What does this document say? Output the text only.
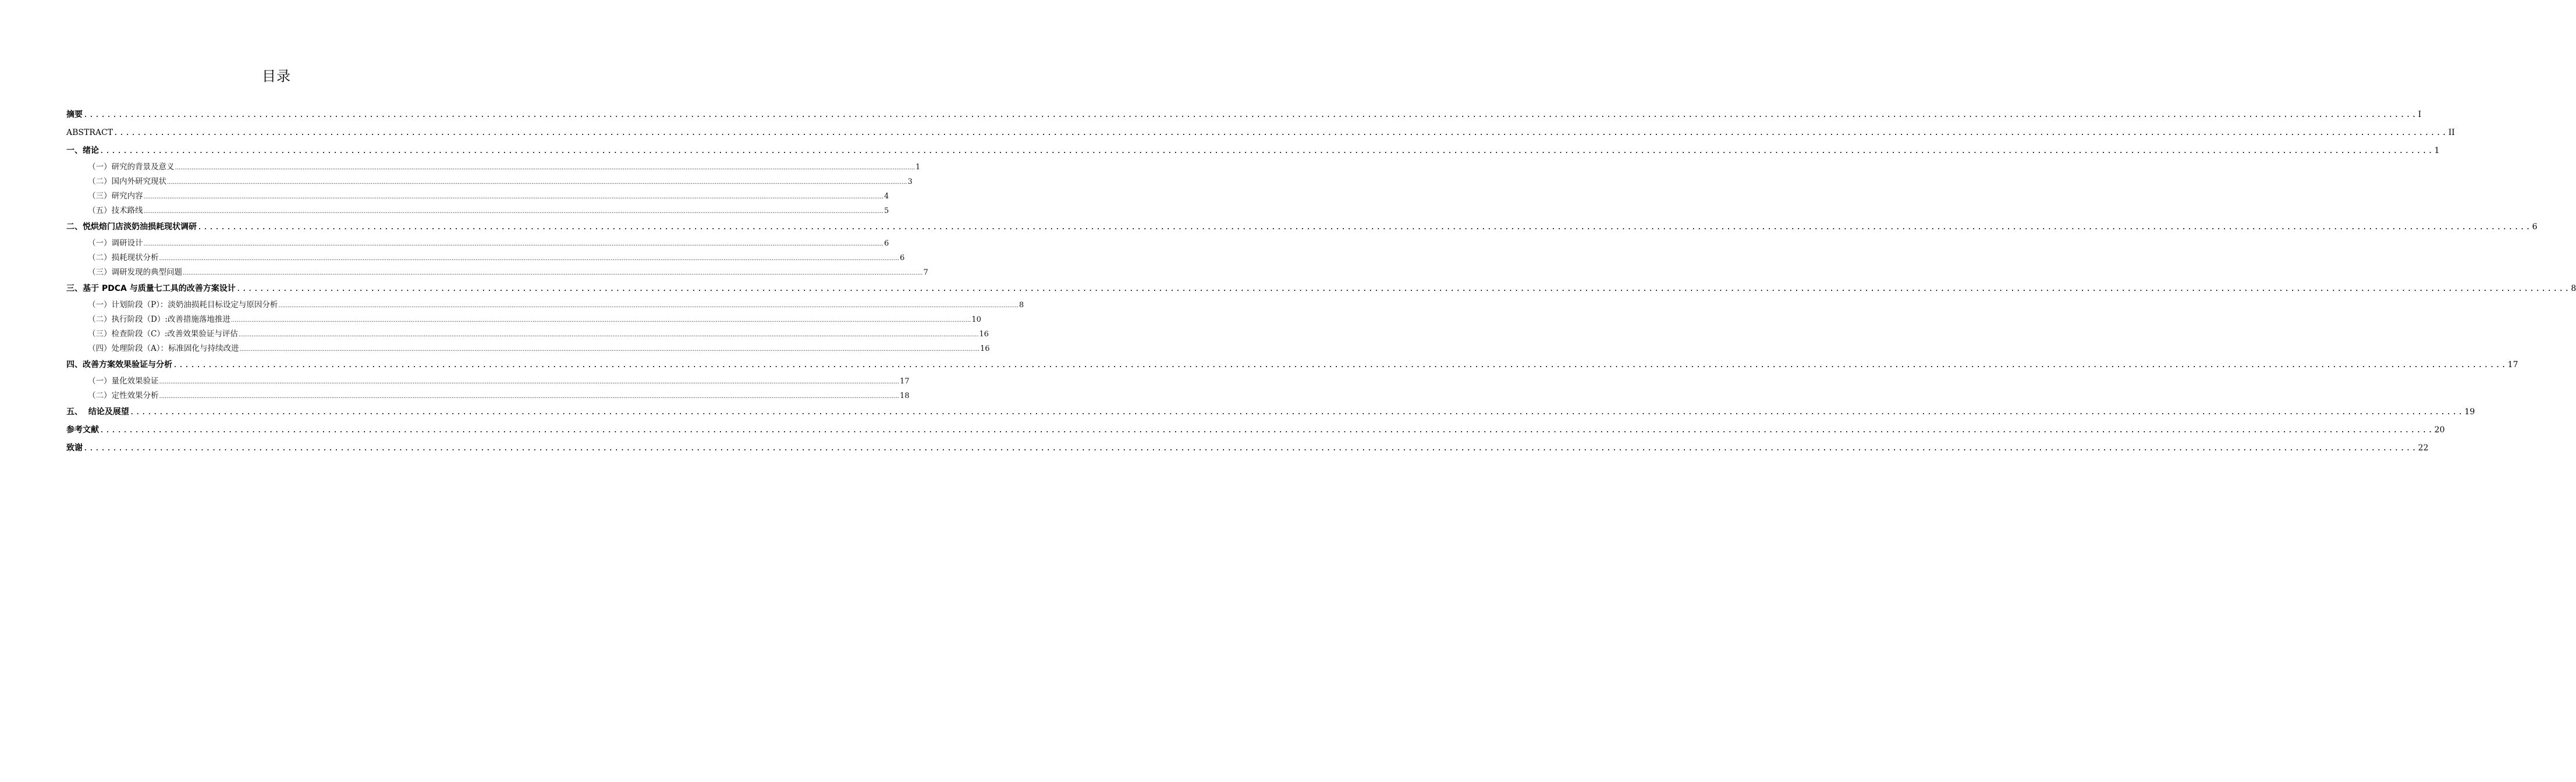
目录
摘要 ................................................................................................................................................................................................................................................................................................................................................................................................................ I
ABSTRACT ................................................................................................................................................................................................................................................................................................................................................................................................................ II
一、绪论 ................................................................................................................................................................................................................................................................................................................................................................................................................ 1
（一）研究的背景及意义 ................................................................................................................................................................................................................................................................................................................................................................................................................ 1
（二）国内外研究现状 ................................................................................................................................................................................................................................................................................................................................................................................................................ 3
（三）研究内容 ................................................................................................................................................................................................................................................................................................................................................................................................................ 4
（五）技术路线 ................................................................................................................................................................................................................................................................................................................................................................................................................ 5
二、悦烘焙门店淡奶油损耗现状调研 ................................................................................................................................................................................................................................................................................................................................................................................................................ 6
（一）调研设计 ................................................................................................................................................................................................................................................................................................................................................................................................................ 6
（二）损耗现状分析 ................................................................................................................................................................................................................................................................................................................................................................................................................ 6
（三）调研发现的典型问题 ................................................................................................................................................................................................................................................................................................................................................................................................................ 7
三、基于 PDCA 与质量七工具的改善方案设计 ................................................................................................................................................................................................................................................................................................................................................................................................................ 8
（一）计划阶段（P）：淡奶油损耗目标设定与原因分析 ................................................................................................................................................................................................................................................................................................................................................................................................................ 8
（二）执行阶段（D）:改善措施落地推进 ................................................................................................................................................................................................................................................................................................................................................................................................................ 10
（三）检查阶段（C）:改善效果验证与评估 ................................................................................................................................................................................................................................................................................................................................................................................................................ 16
（四）处理阶段（A）：标准固化与持续改进 ................................................................................................................................................................................................................................................................................................................................................................................................................ 16
四、改善方案效果验证与分析 ................................................................................................................................................................................................................................................................................................................................................................................................................ 17
（一）量化效果验证 ................................................................................................................................................................................................................................................................................................................................................................................................................ 17
（二）定性效果分析 ................................................................................................................................................................................................................................................................................................................................................................................................................ 18
五、  结论及展望 ................................................................................................................................................................................................................................................................................................................................................................................................................ 19
参考文献 ................................................................................................................................................................................................................................................................................................................................................................................................................ 20
致谢 ................................................................................................................................................................................................................................................................................................................................................................................................................ 22
